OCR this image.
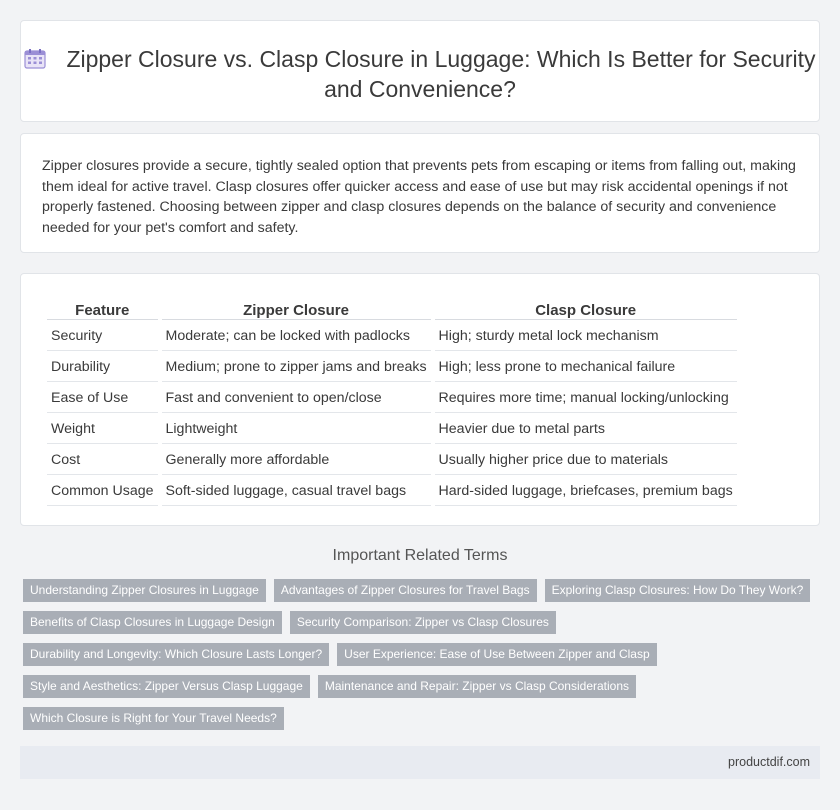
Zipper Closure vs. Clasp Closure in Luggage: Which Is Better for Security and Convenience?

Zipper closures provide a secure, tightly sealed option that prevents pets from escaping or items from falling out, making them ideal for active travel. Clasp closures offer quicker access and ease of use but may risk accidental openings if not properly fastened. Choosing between zipper and clasp closures depends on the balance of security and convenience needed for your pet's comfort and safety.

Feature	Zipper Closure	Clasp Closure
Security	Moderate; can be locked with padlocks	High; sturdy metal lock mechanism
Durability	Medium; prone to zipper jams and breaks	High; less prone to mechanical failure
Ease of Use	Fast and convenient to open/close	Requires more time; manual locking/unlocking
Weight	Lightweight	Heavier due to metal parts
Cost	Generally more affordable	Usually higher price due to materials
Common Usage	Soft-sided luggage, casual travel bags	Hard-sided luggage, briefcases, premium bags
Important Related Terms
Understanding Zipper Closures in Luggage	Advantages of Zipper Closures for Travel Bags	Exploring Clasp Closures: How Do They Work?
Benefits of Clasp Closures in Luggage Design	Security Comparison: Zipper vs Clasp Closures
Durability and Longevity: Which Closure Lasts Longer?	User Experience: Ease of Use Between Zipper and Clasp
Style and Aesthetics: Zipper Versus Clasp Luggage	Maintenance and Repair: Zipper vs Clasp Considerations
Which Closure is Right for Your Travel Needs?
productdif.com
